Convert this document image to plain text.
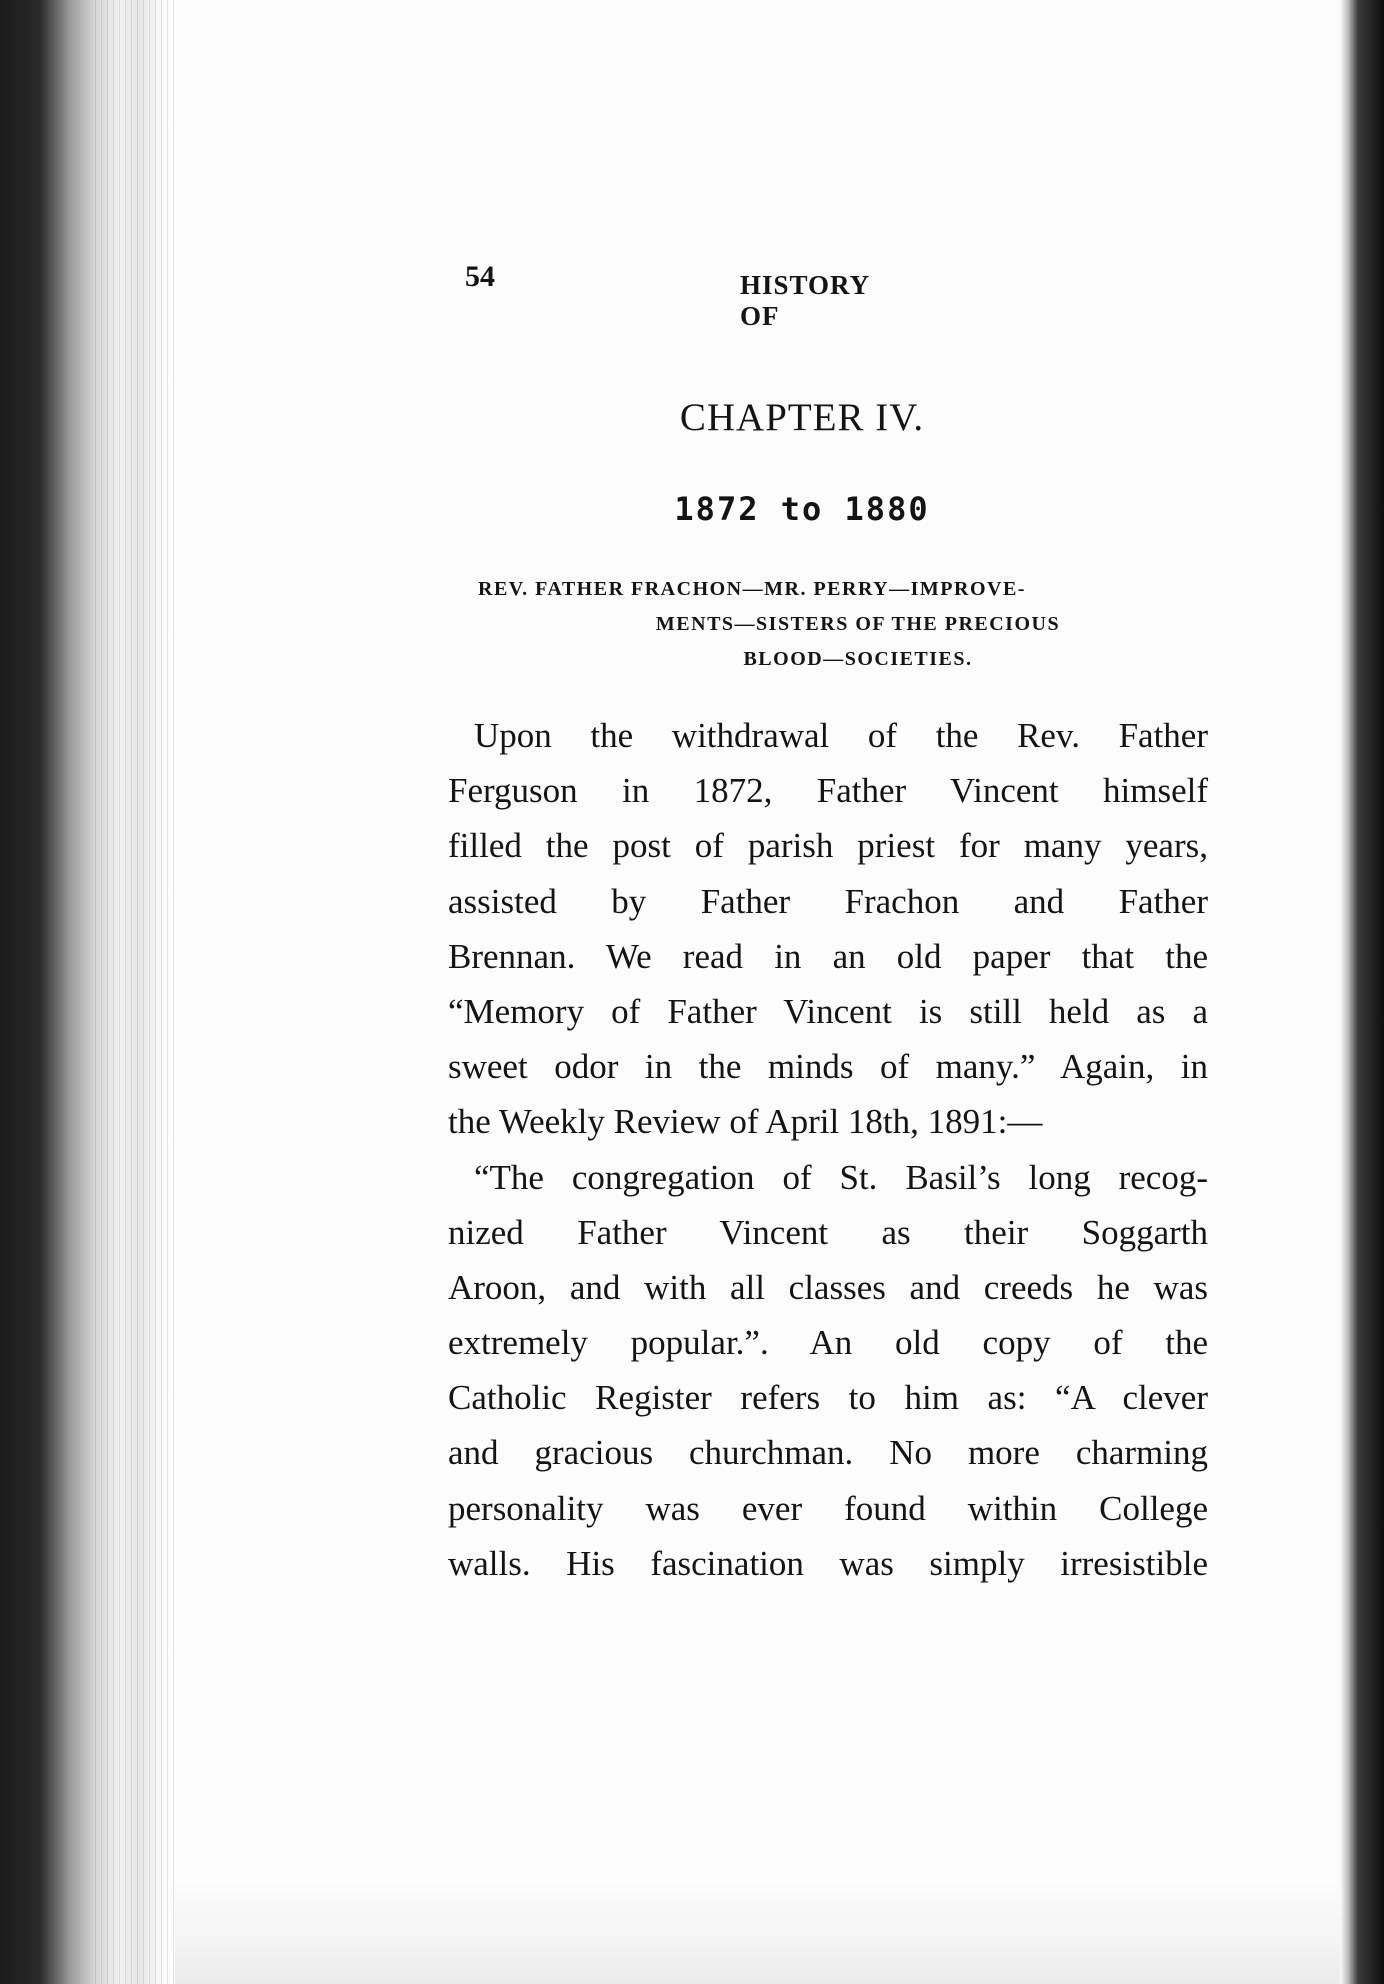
54	HISTORY OF
CHAPTER IV.
1872 to 1880
REV. FATHER FRACHON—MR. PERRY—IMPROVE-
MENTS—SISTERS OF THE PRECIOUS
BLOOD—SOCIETIES.
Upon the withdrawal of the Rev. Father
Ferguson in 1872, Father Vincent himself
filled the post of parish priest for many years,
assisted by Father Frachon and Father
Brennan. We read in an old paper that the
“Memory of Father Vincent is still held as a
sweet odor in the minds of many.” Again, in
the Weekly Review of April 18th, 1891:—
“The congregation of St. Basil’s long recog-
nized Father Vincent as their Soggarth
Aroon, and with all classes and creeds he was
extremely popular.”. An old copy of the
Catholic Register refers to him as: “A clever
and gracious churchman. No more charming
personality was ever found within College
walls. His fascination was simply irresistible
